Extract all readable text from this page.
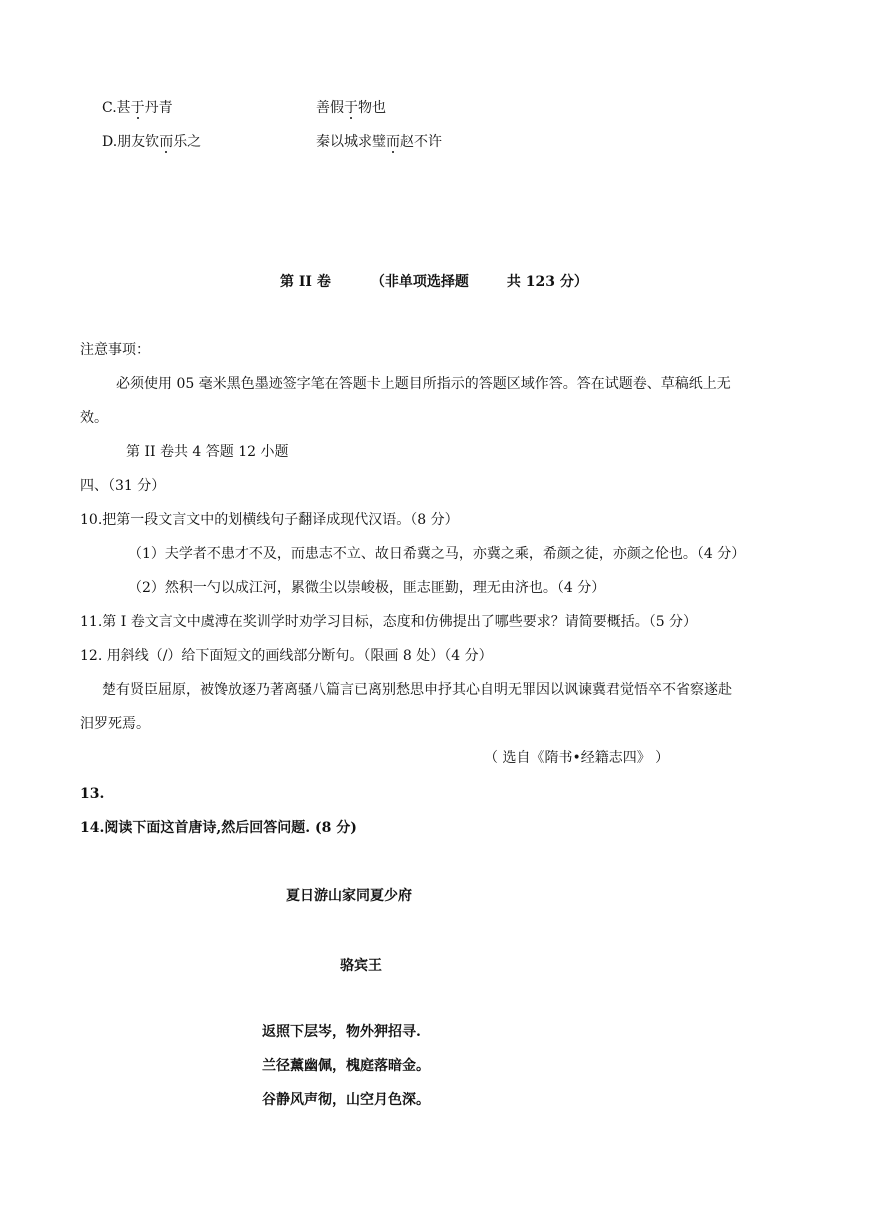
C.甚于丹青	善假于物也
D.朋友钦而乐之	秦以城求璧而赵不许
第 II 卷	（非单项选择题	共 123 分）
注意事项：
必须使用 05 毫米黑色墨迹签字笔在答题卡上题目所指示的答题区域作答。答在试题卷、草稿纸上无
效。
第 II 卷共 4 答题 12 小题
四、（31 分）
10.把第一段文言文中的划横线句子翻译成现代汉语。（8 分）
（1）夫学者不患才不及，而患志不立、故日希冀之马，亦冀之乘，希颜之徒，亦颜之伦也。（4 分）
（2）然积一勺以成江河，累微尘以崇峻极，匪志匪勤，理无由济也。（4 分）
11.第 I 卷文言文中虞溥在奖训学时劝学习目标，态度和仿佛提出了哪些要求？请简要概括。（5 分）
12. 用斜线（/）给下面短文的画线部分断句。（限画 8 处）（4 分）
楚有贤臣屈原，被馋放逐乃著离骚八篇言已离别愁思申抒其心自明无罪因以讽谏冀君觉悟卒不省察遂赴
汨罗死焉。
（ 选自《隋书•经籍志四》 ）
13.
14.阅读下面这首唐诗,然后回答问题. (8 分)
夏日游山家同夏少府
骆宾王
返照下层岑，物外狎招寻.
兰径薰幽佩，槐庭落暗金。
谷静风声彻，山空月色深。
